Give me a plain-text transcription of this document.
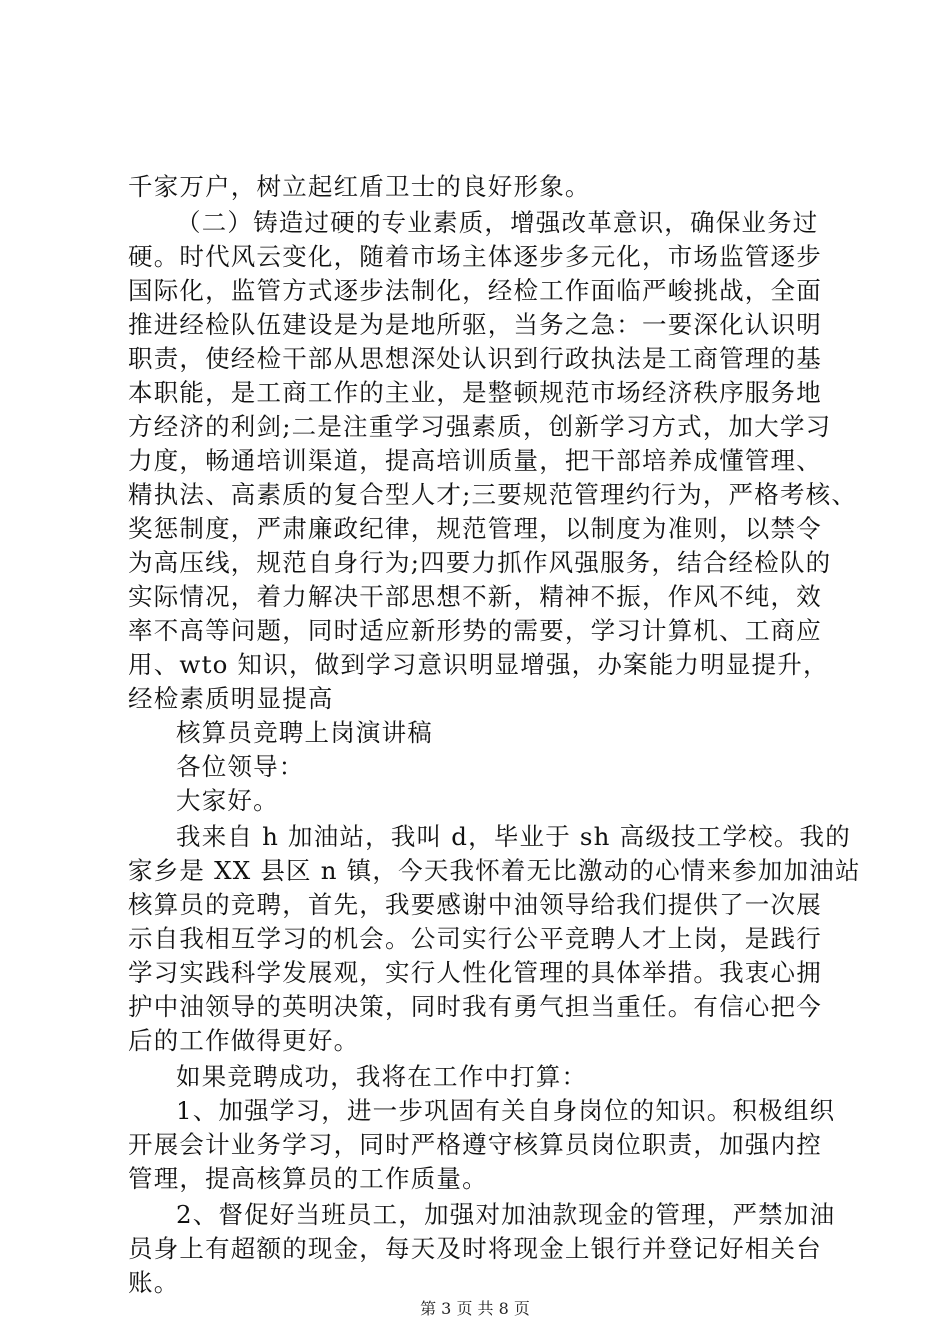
千家万户，树立起红盾卫士的良好形象。
（二）铸造过硬的专业素质，增强改革意识，确保业务过
硬。时代风云变化，随着市场主体逐步多元化，市场监管逐步
国际化，监管方式逐步法制化，经检工作面临严峻挑战，全面
推进经检队伍建设是为是地所驱，当务之急：一要深化认识明
职责，使经检干部从思想深处认识到行政执法是工商管理的基
本职能，是工商工作的主业，是整顿规范市场经济秩序服务地
方经济的利剑;二是注重学习强素质，创新学习方式，加大学习
力度，畅通培训渠道，提高培训质量，把干部培养成懂管理、
精执法、高素质的复合型人才;三要规范管理约行为，严格考核、
奖惩制度，严肃廉政纪律，规范管理，以制度为准则，以禁令
为高压线，规范自身行为;四要力抓作风强服务，结合经检队的
实际情况，着力解决干部思想不新，精神不振，作风不纯，效
率不高等问题，同时适应新形势的需要，学习计算机、工商应
用、wto 知识，做到学习意识明显增强，办案能力明显提升，
经检素质明显提高
核算员竞聘上岗演讲稿
各位领导：
大家好。
我来自 h 加油站，我叫 d，毕业于 sh 高级技工学校。我的
家乡是 XX 县区 n 镇，今天我怀着无比激动的心情来参加加油站
核算员的竞聘，首先，我要感谢中油领导给我们提供了一次展
示自我相互学习的机会。公司实行公平竞聘人才上岗，是践行
学习实践科学发展观，实行人性化管理的具体举措。我衷心拥
护中油领导的英明决策，同时我有勇气担当重任。有信心把今
后的工作做得更好。
如果竞聘成功，我将在工作中打算：
1、加强学习，进一步巩固有关自身岗位的知识。积极组织
开展会计业务学习，同时严格遵守核算员岗位职责，加强内控
管理，提高核算员的工作质量。
2、督促好当班员工，加强对加油款现金的管理，严禁加油
员身上有超额的现金，每天及时将现金上银行并登记好相关台
账。
第 3 页 共 8 页
